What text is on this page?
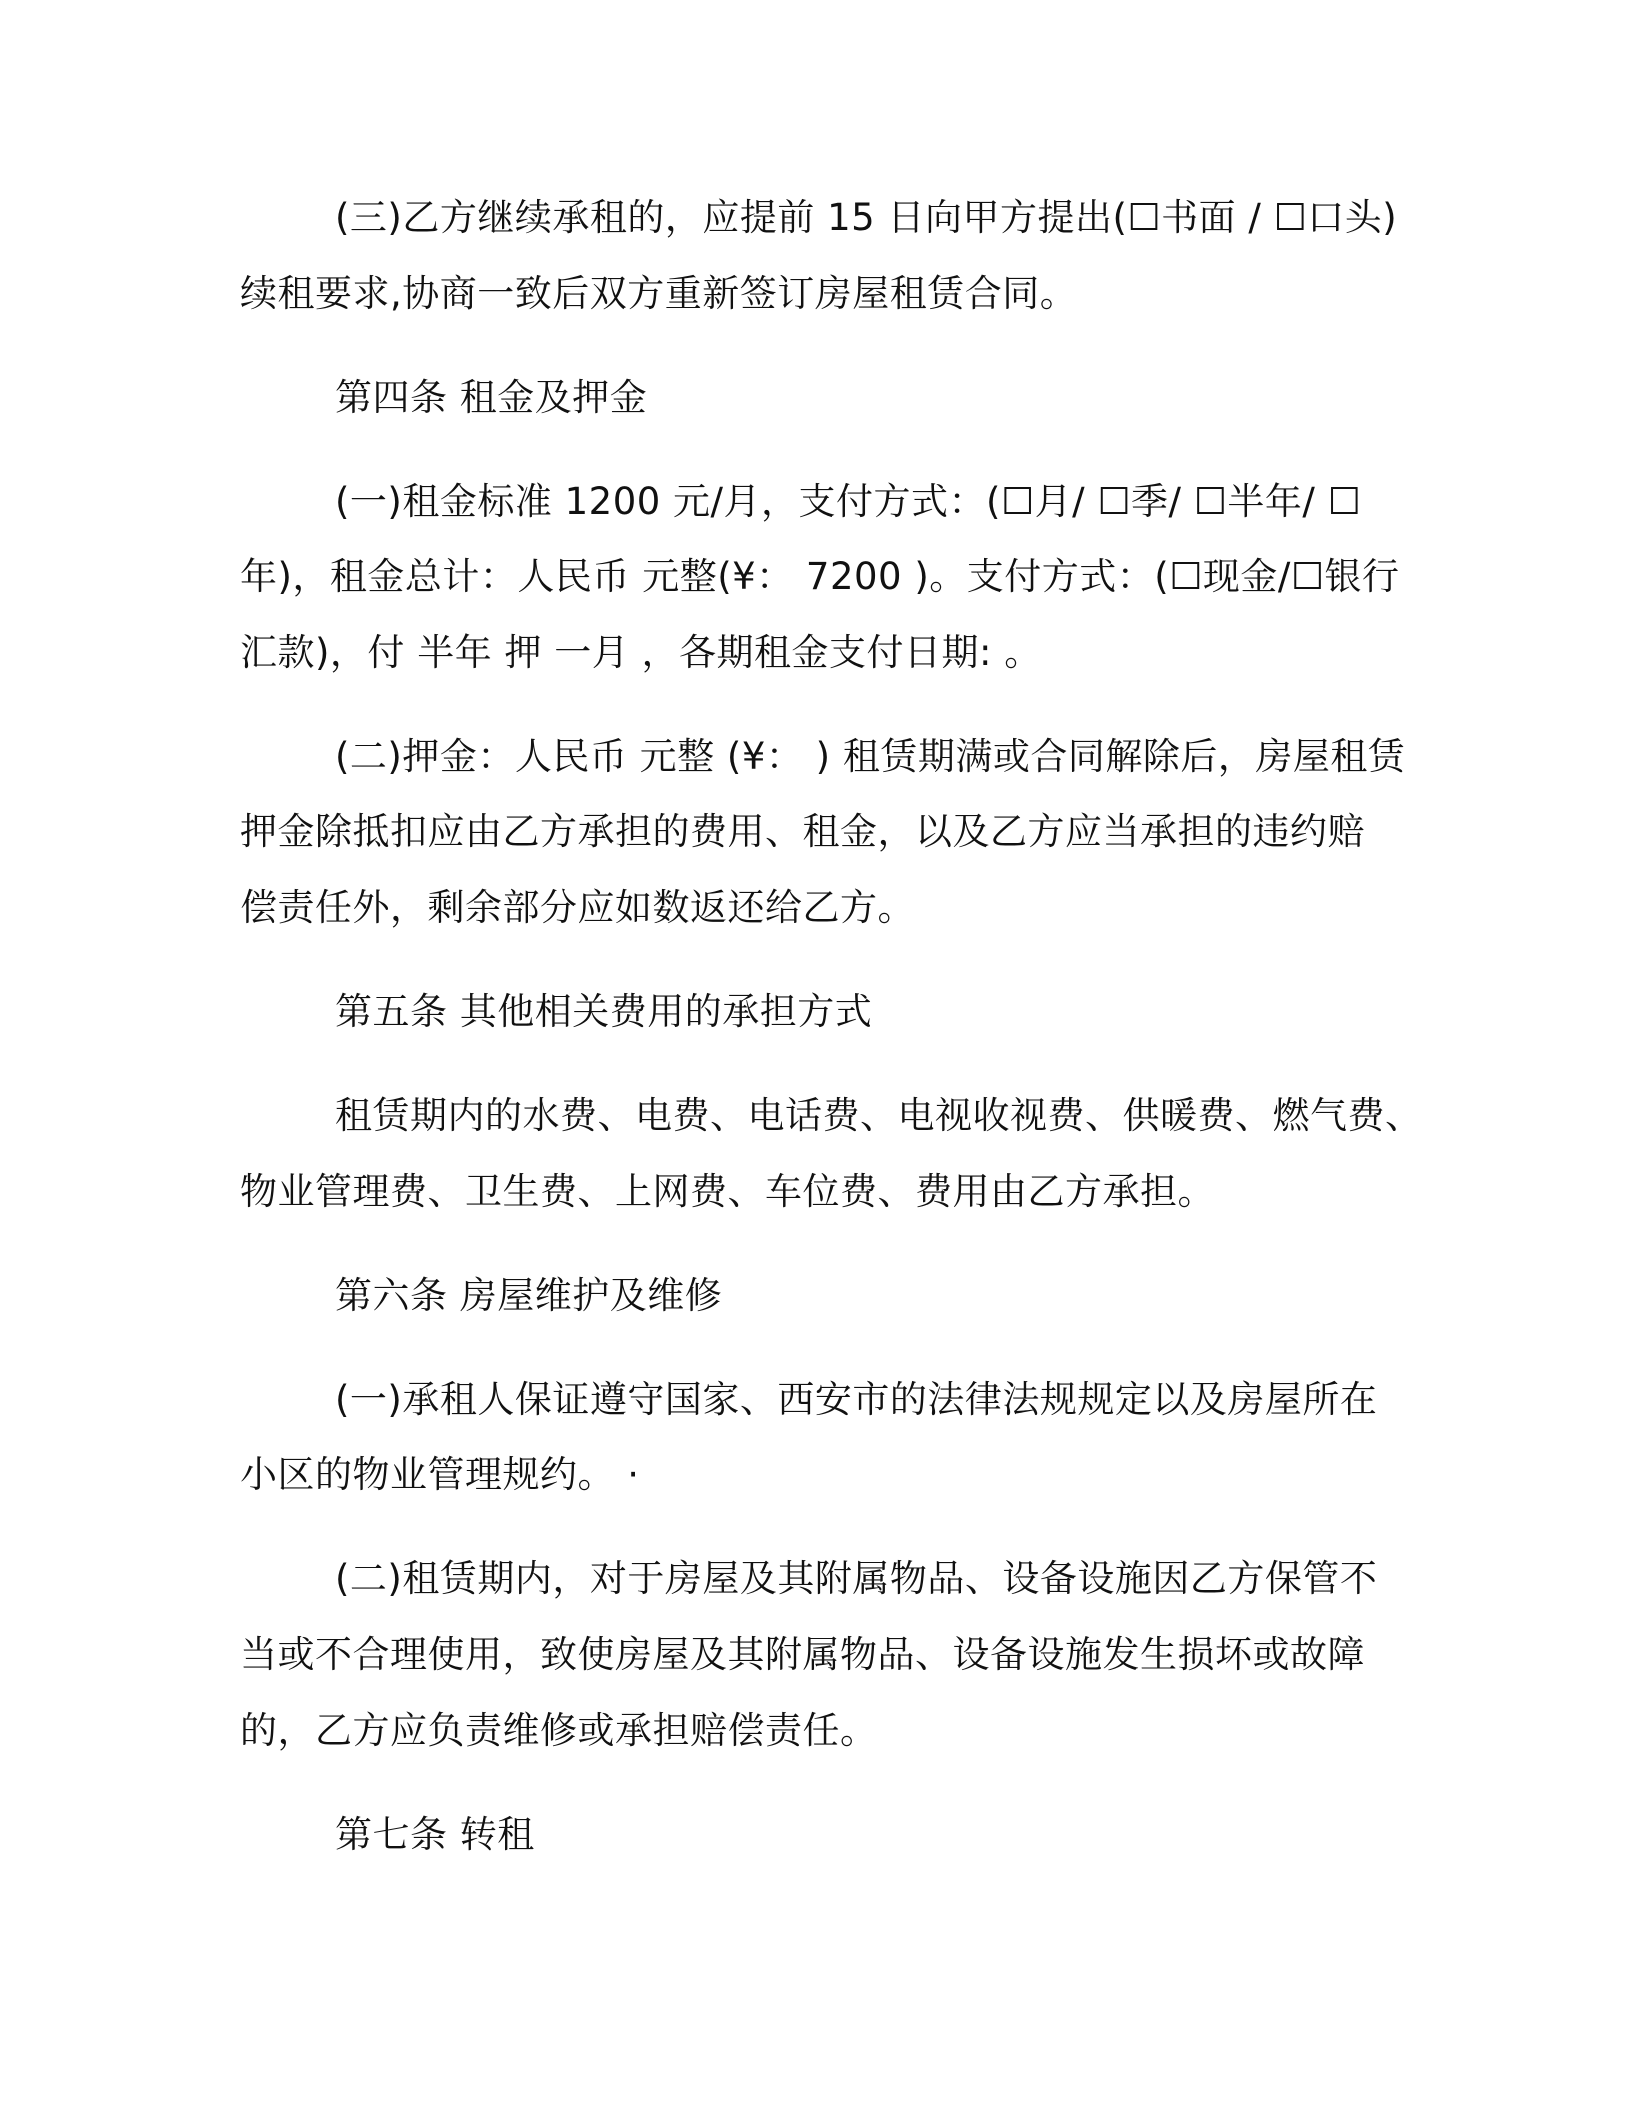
(三)乙方继续承租的，应提前 15 日向甲方提出(☐书面 / ☐口头)
续租要求,协商一致后双方重新签订房屋租赁合同。
第四条 租金及押金
(一)租金标准 1200 元/月，支付方式：(☐月/ ☐季/ ☐半年/ ☐
年)，租金总计：人民币 元整(¥： 7200 )。支付方式：(☐现金/☐银行
汇款)，付 半年 押 一月 ，各期租金支付日期: 。
(二)押金：人民币 元整 (¥： ) 租赁期满或合同解除后，房屋租赁
押金除抵扣应由乙方承担的费用、租金，以及乙方应当承担的违约赔
偿责任外，剩余部分应如数返还给乙方。
第五条 其他相关费用的承担方式
租赁期内的水费、电费、电话费、电视收视费、供暖费、燃气费、
物业管理费、卫生费、上网费、车位费、费用由乙方承担。
第六条 房屋维护及维修
(一)承租人保证遵守国家、西安市的法律法规规定以及房屋所在
小区的物业管理规约。 ·
(二)租赁期内，对于房屋及其附属物品、设备设施因乙方保管不
当或不合理使用，致使房屋及其附属物品、设备设施发生损坏或故障
的，乙方应负责维修或承担赔偿责任。
第七条 转租
